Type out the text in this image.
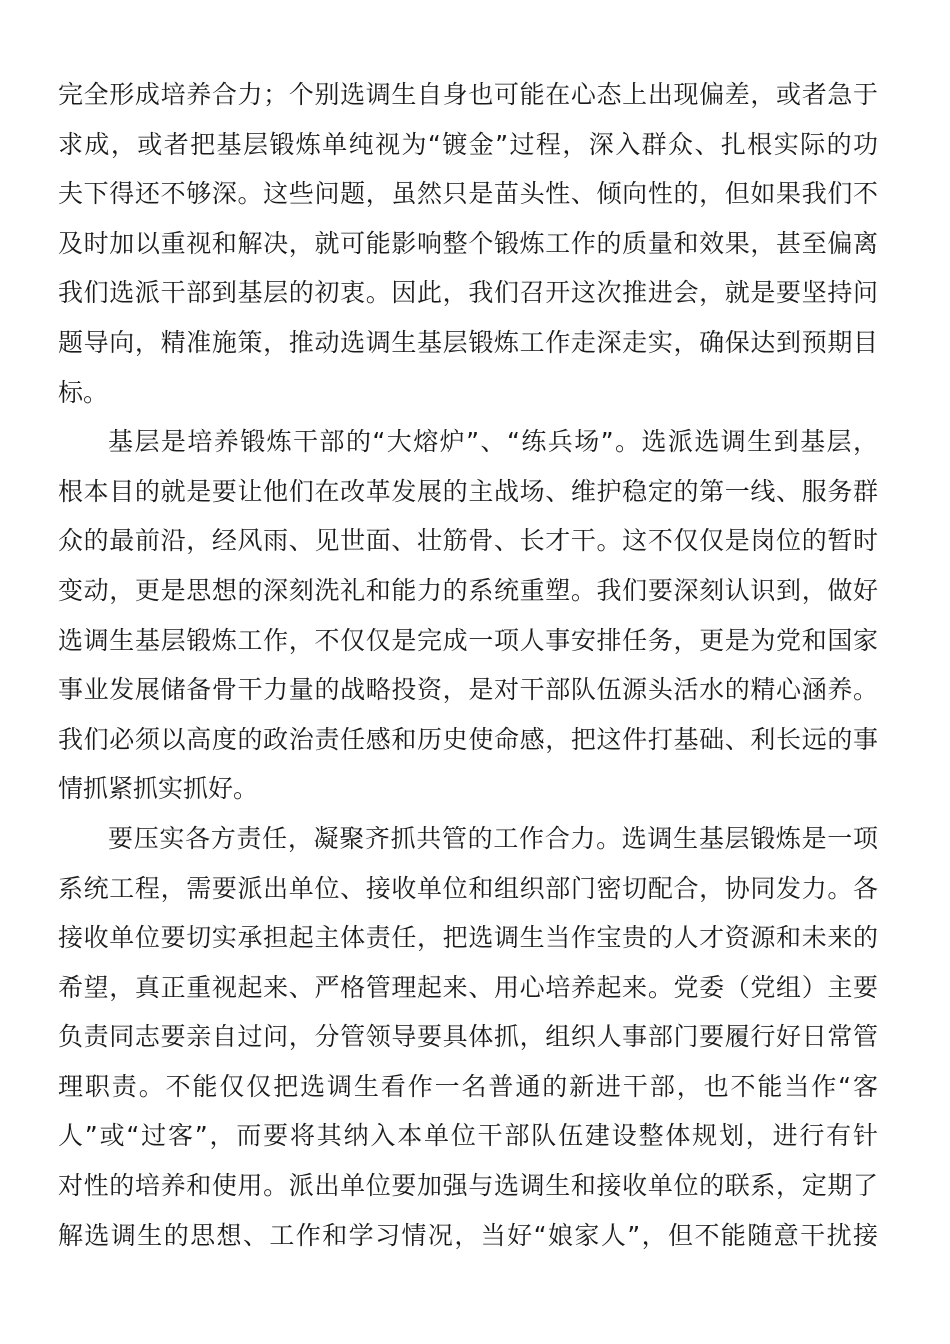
完全形成培养合力；个别选调生自身也可能在心态上出现偏差，或者急于
求成，或者把基层锻炼单纯视为“镀金”过程，深入群众、扎根实际的功
夫下得还不够深。这些问题，虽然只是苗头性、倾向性的，但如果我们不
及时加以重视和解决，就可能影响整个锻炼工作的质量和效果，甚至偏离
我们选派干部到基层的初衷。因此，我们召开这次推进会，就是要坚持问
题导向，精准施策，推动选调生基层锻炼工作走深走实，确保达到预期目
标。
基层是培养锻炼干部的“大熔炉”、“练兵场”。选派选调生到基层，
根本目的就是要让他们在改革发展的主战场、维护稳定的第一线、服务群
众的最前沿，经风雨、见世面、壮筋骨、长才干。这不仅仅是岗位的暂时
变动，更是思想的深刻洗礼和能力的系统重塑。我们要深刻认识到，做好
选调生基层锻炼工作，不仅仅是完成一项人事安排任务，更是为党和国家
事业发展储备骨干力量的战略投资，是对干部队伍源头活水的精心涵养。
我们必须以高度的政治责任感和历史使命感，把这件打基础、利长远的事
情抓紧抓实抓好。
要压实各方责任，凝聚齐抓共管的工作合力。选调生基层锻炼是一项
系统工程，需要派出单位、接收单位和组织部门密切配合，协同发力。各
接收单位要切实承担起主体责任，把选调生当作宝贵的人才资源和未来的
希望，真正重视起来、严格管理起来、用心培养起来。党委（党组）主要
负责同志要亲自过问，分管领导要具体抓，组织人事部门要履行好日常管
理职责。不能仅仅把选调生看作一名普通的新进干部，也不能当作“客
人”或“过客”，而要将其纳入本单位干部队伍建设整体规划，进行有针
对性的培养和使用。派出单位要加强与选调生和接收单位的联系，定期了
解选调生的思想、工作和学习情况，当好“娘家人”，但不能随意干扰接
